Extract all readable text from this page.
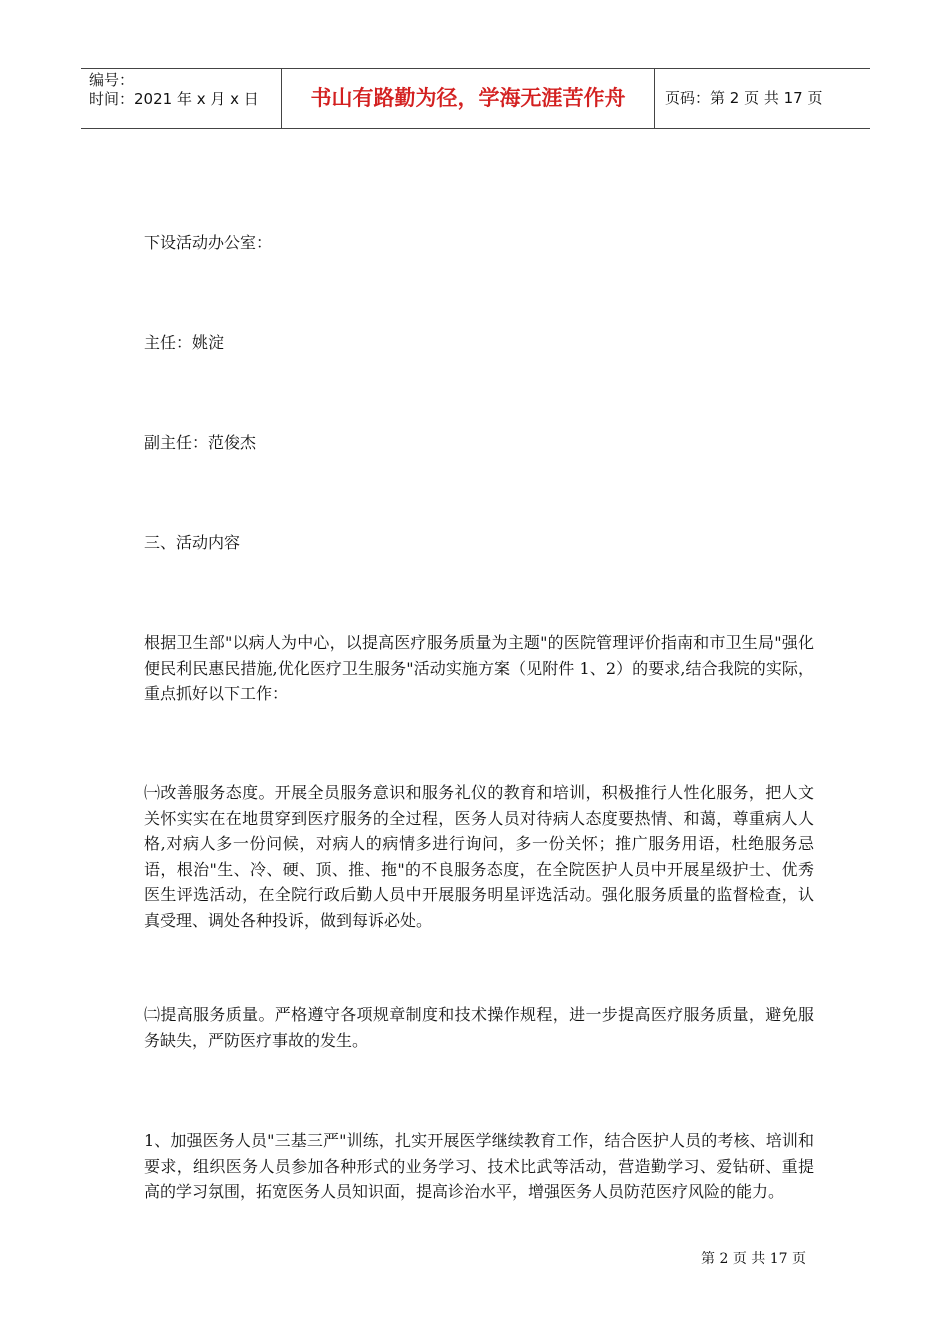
编号：
时间：2021 年 x 月 x 日	书山有路勤为径，学海无涯苦作舟	页码：第 2 页 共 17 页

下设活动办公室：

主任：姚淀

副主任：范俊杰

三、活动内容

根据卫生部"以病人为中心，以提高医疗服务质量为主题"的医院管理评价指南和市卫生局"强化便民利民惠民措施,优化医疗卫生服务"活动实施方案（见附件 1、2）的要求,结合我院的实际，重点抓好以下工作：

㈠改善服务态度。开展全员服务意识和服务礼仪的教育和培训，积极推行人性化服务，把人文关怀实实在在地贯穿到医疗服务的全过程，医务人员对待病人态度要热情、和蔼，尊重病人人格,对病人多一份问候，对病人的病情多进行询问，多一份关怀；推广服务用语，杜绝服务忌语，根治"生、冷、硬、顶、推、拖"的不良服务态度，在全院医护人员中开展星级护士、优秀医生评选活动，在全院行政后勤人员中开展服务明星评选活动。强化服务质量的监督检查，认真受理、调处各种投诉，做到每诉必处。

㈡提高服务质量。严格遵守各项规章制度和技术操作规程，进一步提高医疗服务质量，避免服务缺失，严防医疗事故的发生。

1、加强医务人员"三基三严"训练，扎实开展医学继续教育工作，结合医护人员的考核、培训和要求，组织医务人员参加各种形式的业务学习、技术比武等活动，营造勤学习、爱钻研、重提高的学习氛围，拓宽医务人员知识面，提高诊治水平，增强医务人员防范医疗风险的能力。

第 2 页 共 17 页
